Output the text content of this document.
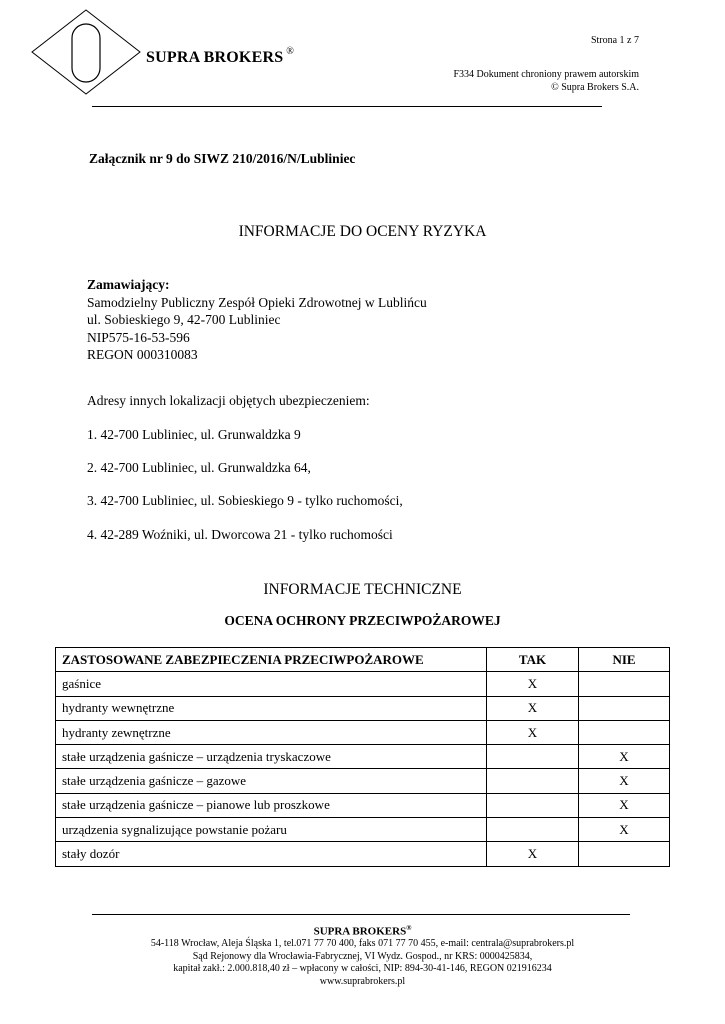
SUPRA BROKERS ®
Strona 1 z 7
F334 Dokument chroniony prawem autorskim
© Supra Brokers S.A.
Załącznik nr 9 do SIWZ 210/2016/N/Lubliniec
INFORMACJE DO OCENY RYZYKA
Zamawiający:
Samodzielny Publiczny Zespół Opieki Zdrowotnej w Lublińcu
ul. Sobieskiego 9, 42-700 Lubliniec
NIP575-16-53-596
REGON 000310083
Adresy innych lokalizacji objętych ubezpieczeniem:
1. 42-700 Lubliniec, ul. Grunwaldzka 9
2. 42-700 Lubliniec, ul. Grunwaldzka 64,
3. 42-700 Lubliniec, ul. Sobieskiego 9 - tylko ruchomości,
4. 42-289 Woźniki, ul. Dworcowa 21 - tylko ruchomości
INFORMACJE TECHNICZNE
OCENA OCHRONY PRZECIWPOŻAROWEJ
ZASTOSOWANE ZABEZPIECZENIA PRZECIWPOŻAROWE	TAK	NIE
gaśnice	X	
hydranty wewnętrzne	X	
hydranty zewnętrzne	X	
stałe urządzenia gaśnicze – urządzenia tryskaczowe		X
stałe urządzenia gaśnicze – gazowe		X
stałe urządzenia gaśnicze – pianowe lub proszkowe		X
urządzenia sygnalizujące powstanie pożaru		X
stały dozór	X	
SUPRA BROKERS®
54-118 Wrocław, Aleja Śląska 1, tel.071 77 70 400, faks 071 77 70 455, e-mail: centrala@suprabrokers.pl
Sąd Rejonowy dla Wrocławia-Fabrycznej, VI Wydz. Gospod., nr KRS: 0000425834,
kapitał zakł.: 2.000.818,40 zł – wpłacony w całości, NIP: 894-30-41-146, REGON 021916234
www.suprabrokers.pl
